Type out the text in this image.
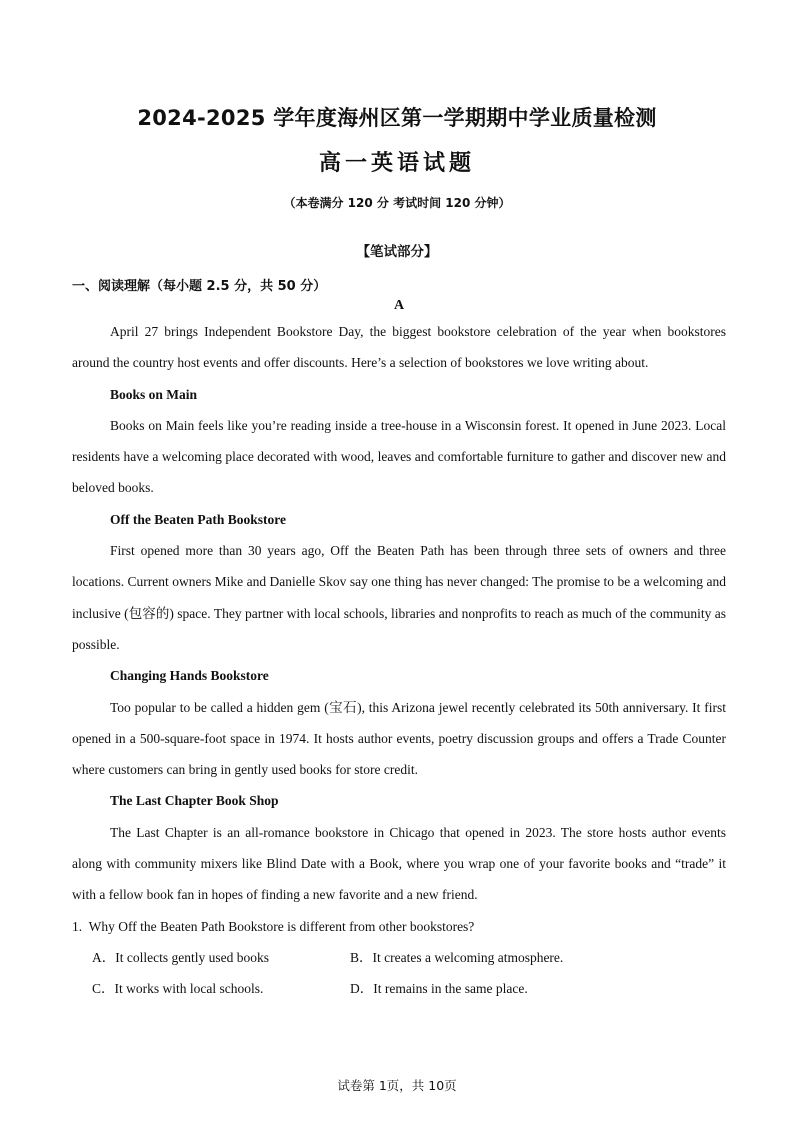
2024-2025 学年度海州区第一学期期中学业质量检测
高一英语试题
（本卷满分 120 分 考试时间 120 分钟）
【笔试部分】
一、阅读理解（每小题 2.5 分，共 50 分）

A

April 27 brings Independent Bookstore Day, the biggest bookstore celebration of the year when bookstores around the country host events and offer discounts. Here’s a selection of bookstores we love writing about.

Books on Main

Books on Main feels like you’re reading inside a tree-house in a Wisconsin forest. It opened in June 2023. Local residents have a welcoming place decorated with wood, leaves and comfortable furniture to gather and discover new and beloved books.

Off the Beaten Path Bookstore

First opened more than 30 years ago, Off the Beaten Path has been through three sets of owners and three locations. Current owners Mike and Danielle Skov say one thing has never changed: The promise to be a welcoming and inclusive (包容的) space. They partner with local schools, libraries and nonprofits to reach as much of the community as possible.

Changing Hands Bookstore

Too popular to be called a hidden gem (宝石), this Arizona jewel recently celebrated its 50th anniversary. It first opened in a 500-square-foot space in 1974. It hosts author events, poetry discussion groups and offers a Trade Counter where customers can bring in gently used books for store credit.

The Last Chapter Book Shop

The Last Chapter is an all-romance bookstore in Chicago that opened in 2023. The store hosts author events along with community mixers like Blind Date with a Book, where you wrap one of your favorite books and “trade” it with a fellow book fan in hopes of finding a new favorite and a new friend.

1. Why Off the Beaten Path Bookstore is different from other bookstores?

A．It collects gently used books	B．It creates a welcoming atmosphere.
C．It works with local schools.	D．It remains in the same place.
试卷第 1页，共 10页
